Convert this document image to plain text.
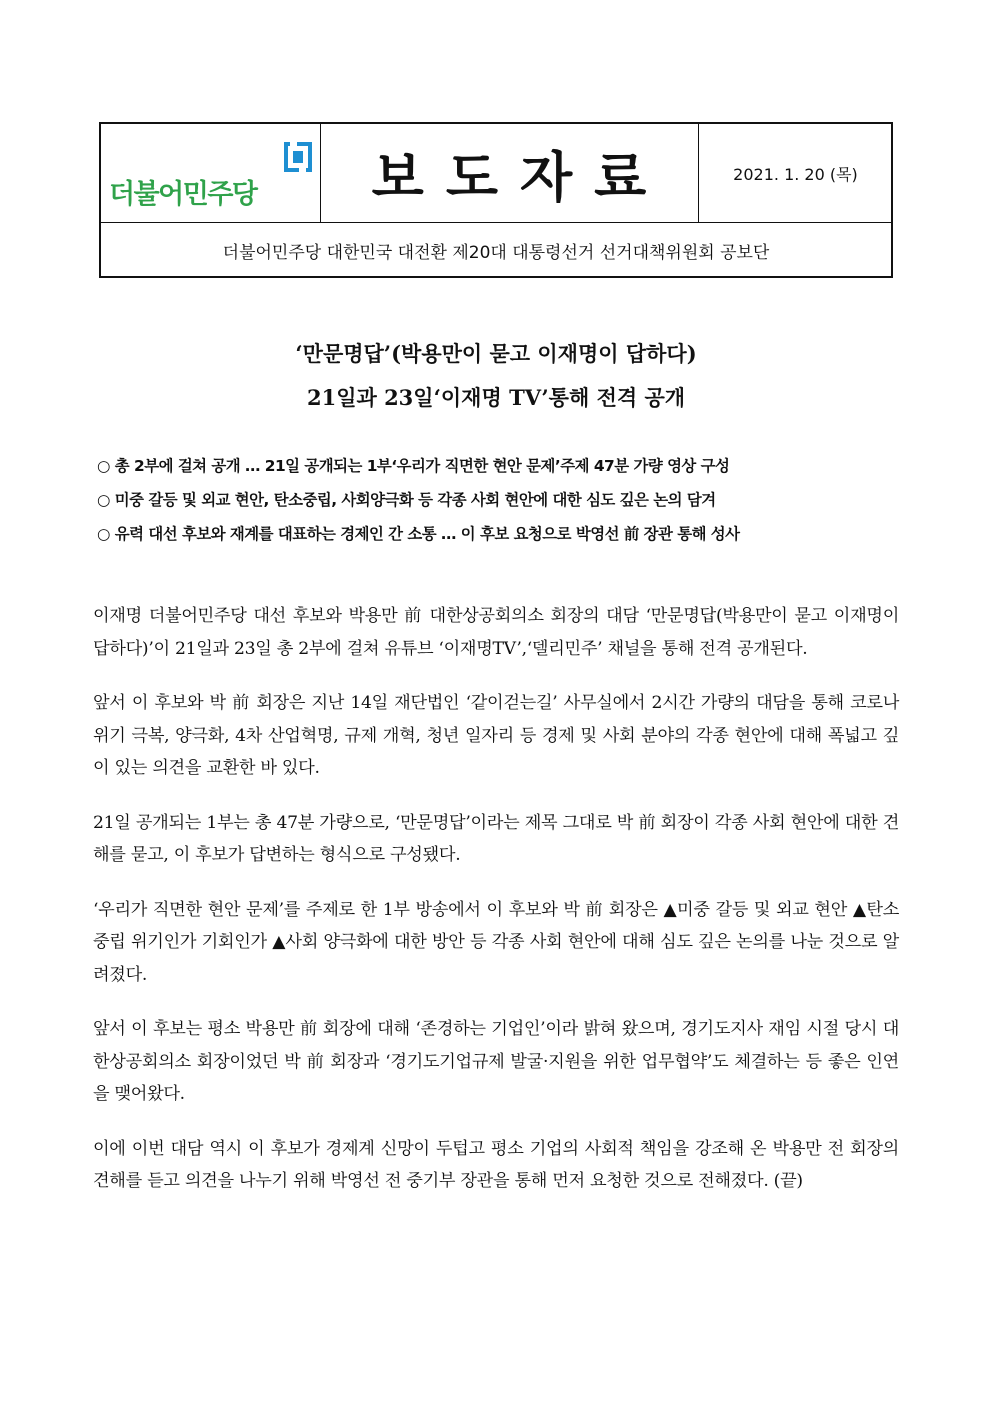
더불어민주당 보도자료	2021. 1. 20 (목)
더불어민주당 대한민국 대전환 제20대 대통령선거 선거대책위원회 공보단
‘만문명답’(박용만이 묻고 이재명이 답하다)
21일과 23일‘이재명 TV’통해 전격 공개
○ 총 2부에 걸쳐 공개 … 21일 공개되는 1부‘우리가 직면한 현안 문제’주제 47분 가량 영상 구성
○ 미중 갈등 및 외교 현안, 탄소중립, 사회양극화 등 각종 사회 현안에 대한 심도 깊은 논의 담겨
○ 유력 대선 후보와 재계를 대표하는 경제인 간 소통 … 이 후보 요청으로 박영선 前 장관 통해 성사

이재명 더불어민주당 대선 후보와 박용만 前 대한상공회의소 회장의 대담 ‘만문명답(박용만이 묻고 이재명이 답하다)’이 21일과 23일 총 2부에 걸쳐 유튜브 ‘이재명TV’,‘델리민주’ 채널을 통해 전격 공개된다.

앞서 이 후보와 박 前 회장은 지난 14일 재단법인 ‘같이걷는길’ 사무실에서 2시간 가량의 대담을 통해 코로나 위기 극복, 양극화, 4차 산업혁명, 규제 개혁, 청년 일자리 등 경제 및 사회 분야의 각종 현안에 대해 폭넓고 깊이 있는 의견을 교환한 바 있다.

21일 공개되는 1부는 총 47분 가량으로, ‘만문명답’이라는 제목 그대로 박 前 회장이 각종 사회 현안에 대한 견해를 묻고, 이 후보가 답변하는 형식으로 구성됐다.

‘우리가 직면한 현안 문제’를 주제로 한 1부 방송에서 이 후보와 박 前 회장은 ▲미중 갈등 및 외교 현안 ▲탄소중립 위기인가 기회인가 ▲사회 양극화에 대한 방안 등 각종 사회 현안에 대해 심도 깊은 논의를 나눈 것으로 알려졌다.

앞서 이 후보는 평소 박용만 前 회장에 대해 ‘존경하는 기업인’이라 밝혀 왔으며, 경기도지사 재임 시절 당시 대한상공회의소 회장이었던 박 前 회장과 ‘경기도기업규제 발굴·지원을 위한 업무협약’도 체결하는 등 좋은 인연을 맺어왔다.

이에 이번 대담 역시 이 후보가 경제계 신망이 두텁고 평소 기업의 사회적 책임을 강조해 온 박용만 전 회장의 견해를 듣고 의견을 나누기 위해 박영선 전 중기부 장관을 통해 먼저 요청한 것으로 전해졌다. (끝)
